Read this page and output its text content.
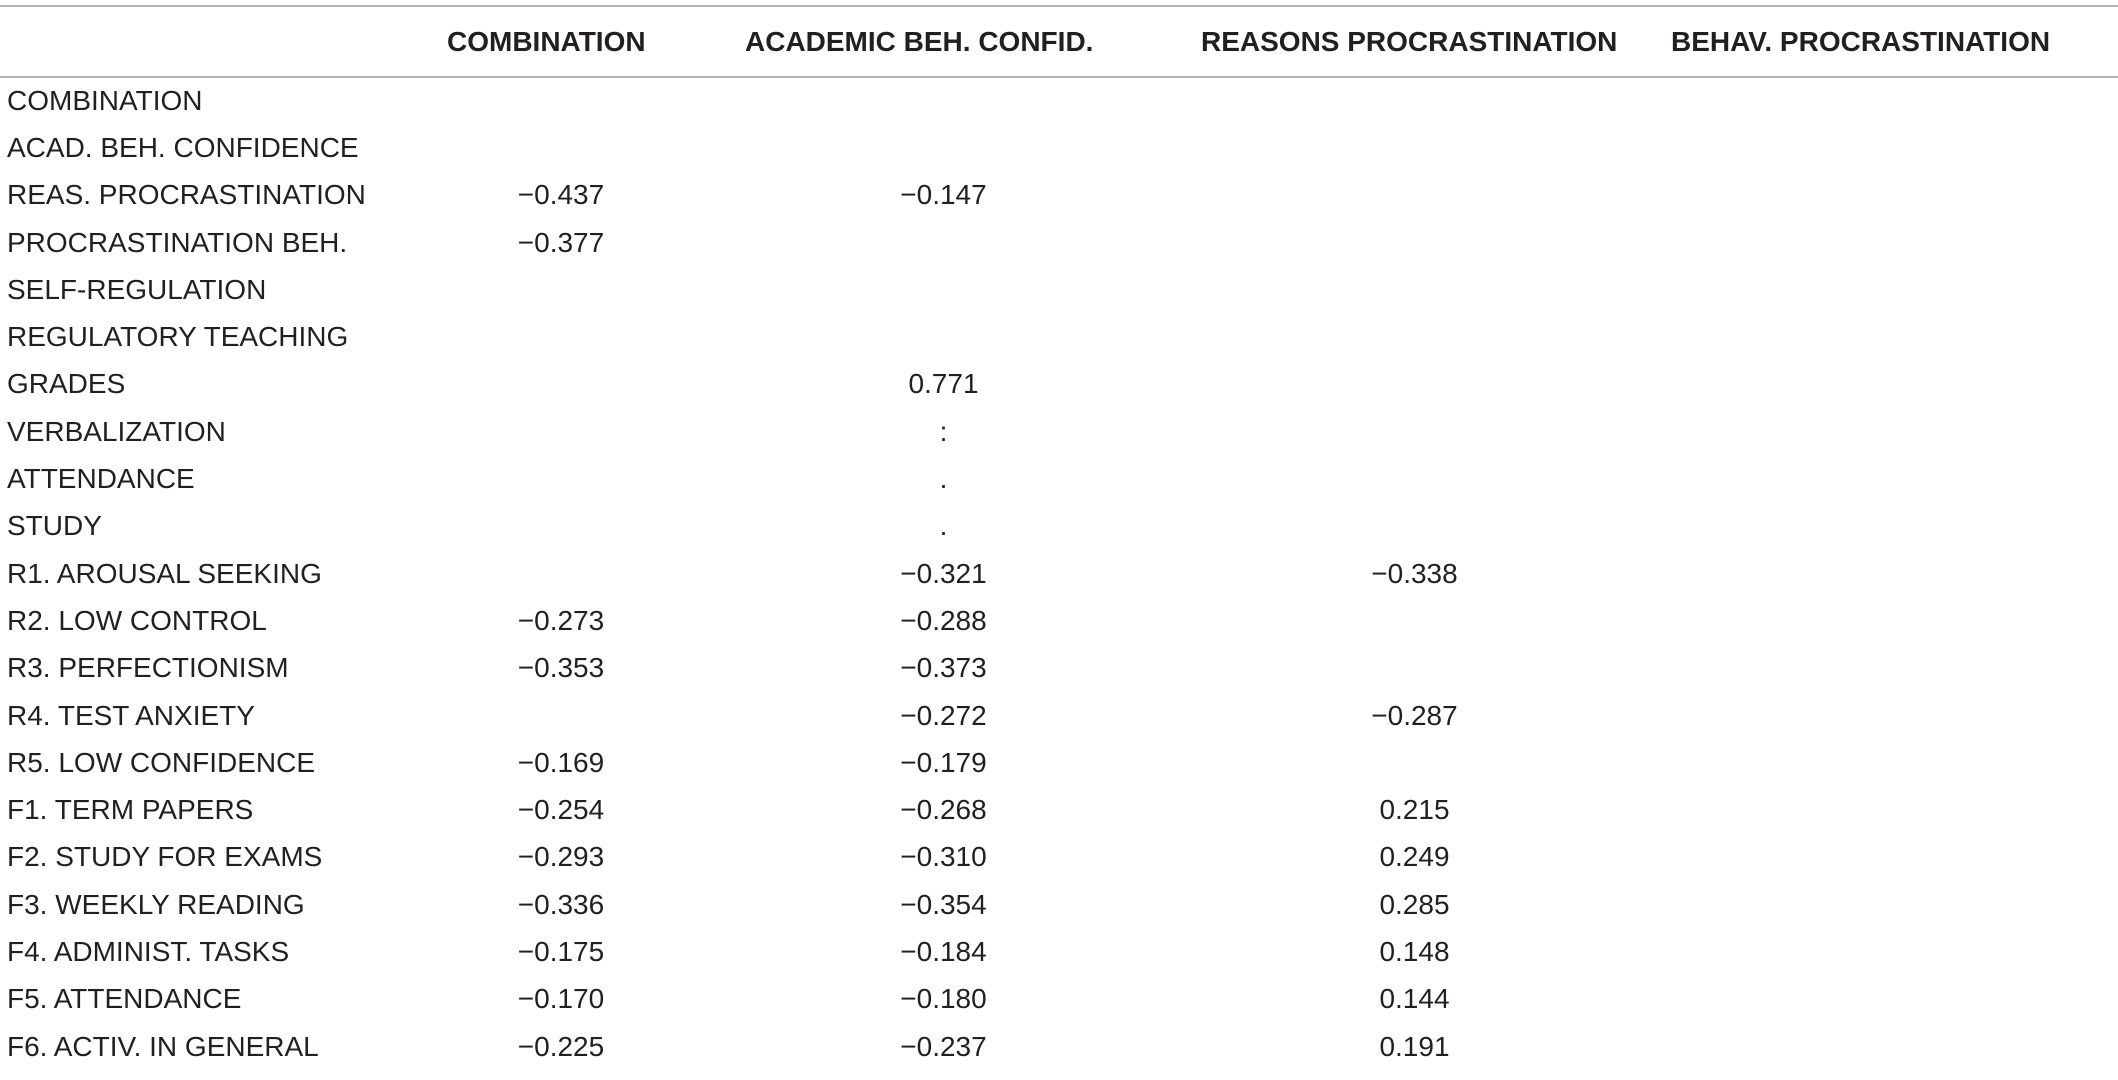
	COMBINATION	ACADEMIC BEH. CONFID.	REASONS PROCRASTINATION	BEHAV. PROCRASTINATION
COMBINATION				
ACAD. BEH. CONFIDENCE				
REAS. PROCRASTINATION	−0.437	−0.147		
PROCRASTINATION BEH.	−0.377			
SELF-REGULATION				
REGULATORY TEACHING				
GRADES		0.771		
VERBALIZATION		:		
ATTENDANCE		.		
STUDY		.		
R1. AROUSAL SEEKING		−0.321	−0.338	
R2. LOW CONTROL	−0.273	−0.288		
R3. PERFECTIONISM	−0.353	−0.373		
R4. TEST ANXIETY		−0.272	−0.287	
R5. LOW CONFIDENCE	−0.169	−0.179		
F1. TERM PAPERS	−0.254	−0.268	0.215	
F2. STUDY FOR EXAMS	−0.293	−0.310	0.249	
F3. WEEKLY READING	−0.336	−0.354	0.285	
F4. ADMINIST. TASKS	−0.175	−0.184	0.148	
F5. ATTENDANCE	−0.170	−0.180	0.144	
F6. ACTIV. IN GENERAL	−0.225	−0.237	0.191	
